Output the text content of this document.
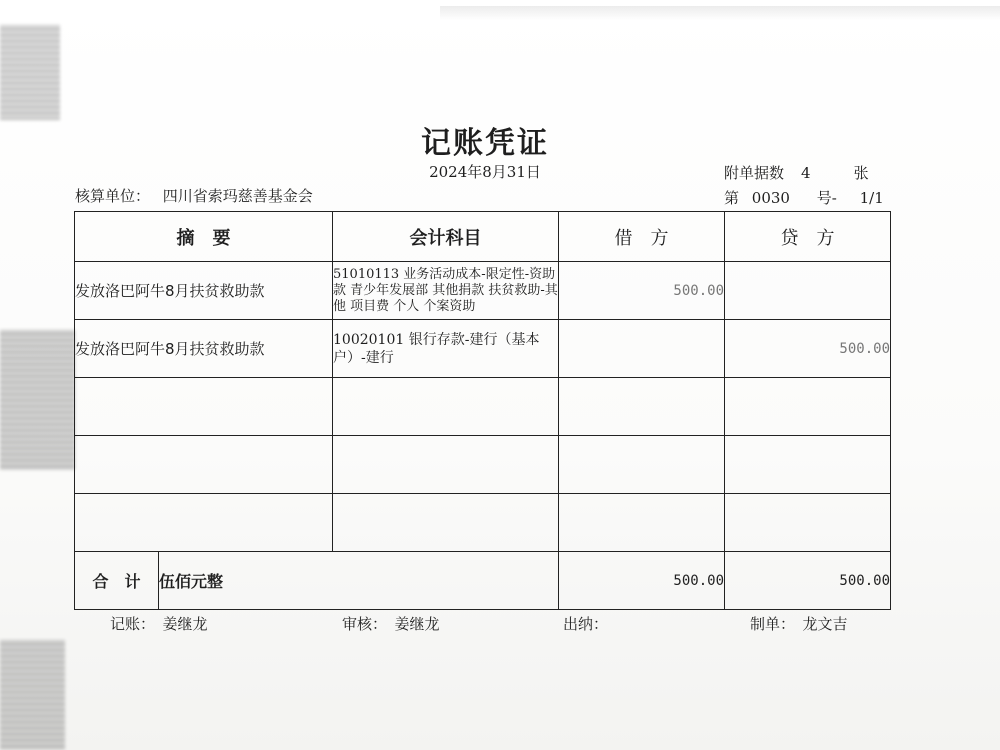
记账凭证
2024年8月31日	附单据数 4	张
核算单位： 四川省索玛慈善基金会	第 0030 号- 1/1
摘　要		会计科目	借　方	贷　方
发放洛巴阿牛8月扶贫救助款		51010113 业务活动成本-限定性-资助款 青少年发展部 其他捐款 扶贫救助-其他 项目费 个人 个案资助	500.00	
发放洛巴阿牛8月扶贫救助款		10020101 银行存款-建行（基本户）-建行		500.00

合　计	伍佰元整		500.00	500.00
记账：　姜继龙	审核：　姜继龙	出纳：	制单：　龙文吉
